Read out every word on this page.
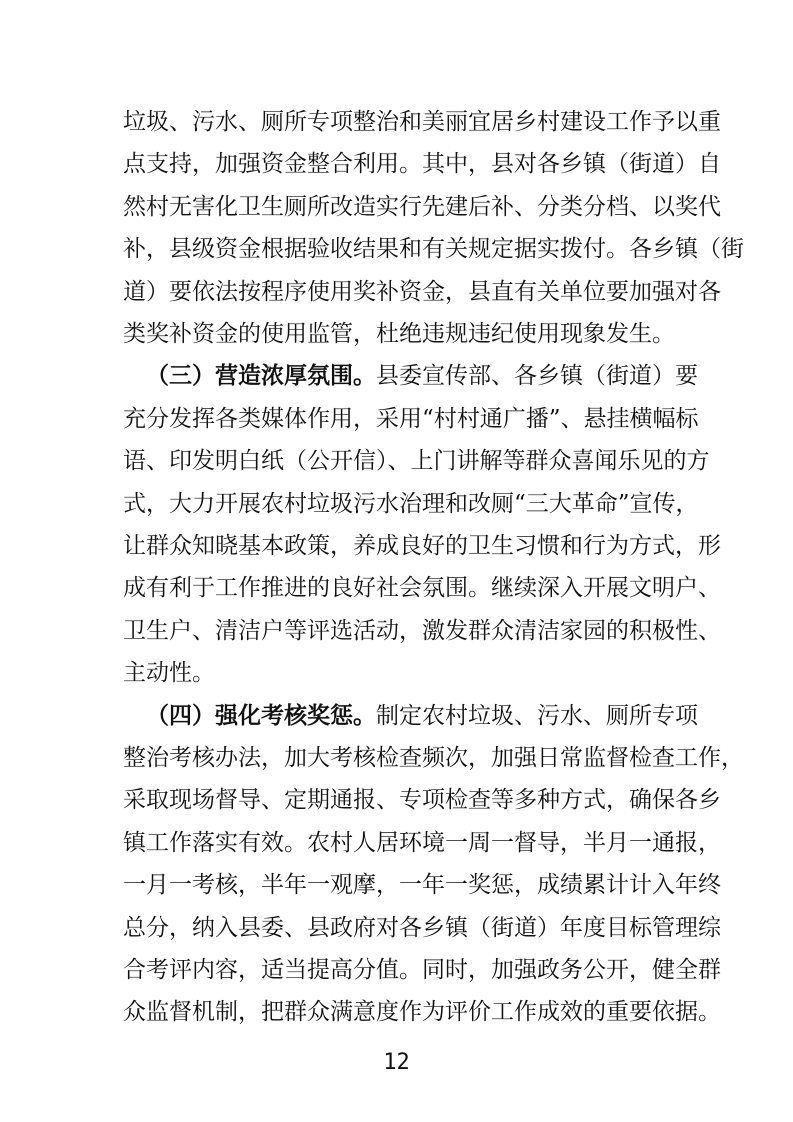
垃圾、污水、厕所专项整治和美丽宜居乡村建设工作予以重
点支持，加强资金整合利用。其中，县对各乡镇（街道）自
然村无害化卫生厕所改造实行先建后补、分类分档、以奖代
补，县级资金根据验收结果和有关规定据实拨付。各乡镇（街
道）要依法按程序使用奖补资金，县直有关单位要加强对各
类奖补资金的使用监管，杜绝违规违纪使用现象发生。
（三）营造浓厚氛围。县委宣传部、各乡镇（街道）要
充分发挥各类媒体作用，采用“村村通广播”、悬挂横幅标
语、印发明白纸（公开信）、上门讲解等群众喜闻乐见的方
式，大力开展农村垃圾污水治理和改厕“三大革命”宣传，
让群众知晓基本政策，养成良好的卫生习惯和行为方式，形
成有利于工作推进的良好社会氛围。继续深入开展文明户、
卫生户、清洁户等评选活动，激发群众清洁家园的积极性、
主动性。
（四）强化考核奖惩。制定农村垃圾、污水、厕所专项
整治考核办法，加大考核检查频次，加强日常监督检查工作，
采取现场督导、定期通报、专项检查等多种方式，确保各乡
镇工作落实有效。农村人居环境一周一督导，半月一通报，
一月一考核，半年一观摩，一年一奖惩，成绩累计计入年终
总分，纳入县委、县政府对各乡镇（街道）年度目标管理综
合考评内容，适当提高分值。同时，加强政务公开，健全群
众监督机制，把群众满意度作为评价工作成效的重要依据。
12
